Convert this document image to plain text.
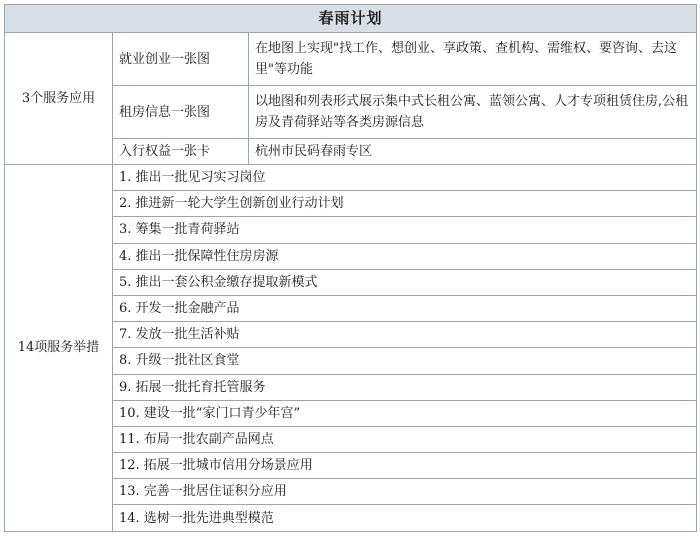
春雨计划		
3个服务应用	就业创业一张图	在地图上实现"找工作、想创业、享政策、查机构、需维权、要咨询、去这里"等功能
	租房信息一张图	以地图和列表形式展示集中式长租公寓、蓝领公寓、人才专项租赁住房,公租房及青荷驿站等各类房源信息
	入行权益一张卡	杭州市民码春雨专区
14项服务举措	1. 推出一批见习实习岗位	
	2. 推进新一轮大学生创新创业行动计划	
	3. 筹集一批青荷驿站	
	4. 推出一批保障性住房房源	
	5. 推出一套公积金缴存提取新模式	
	6. 开发一批金融产品	
	7. 发放一批生活补贴	
	8. 升级一批社区食堂	
	9. 拓展一批托育托管服务	
	10. 建设一批“家门口青少年宫”	
	11. 布局一批农副产品网点	
	12. 拓展一批城市信用分场景应用	
	13. 完善一批居住证积分应用	
	14. 选树一批先进典型模范	
